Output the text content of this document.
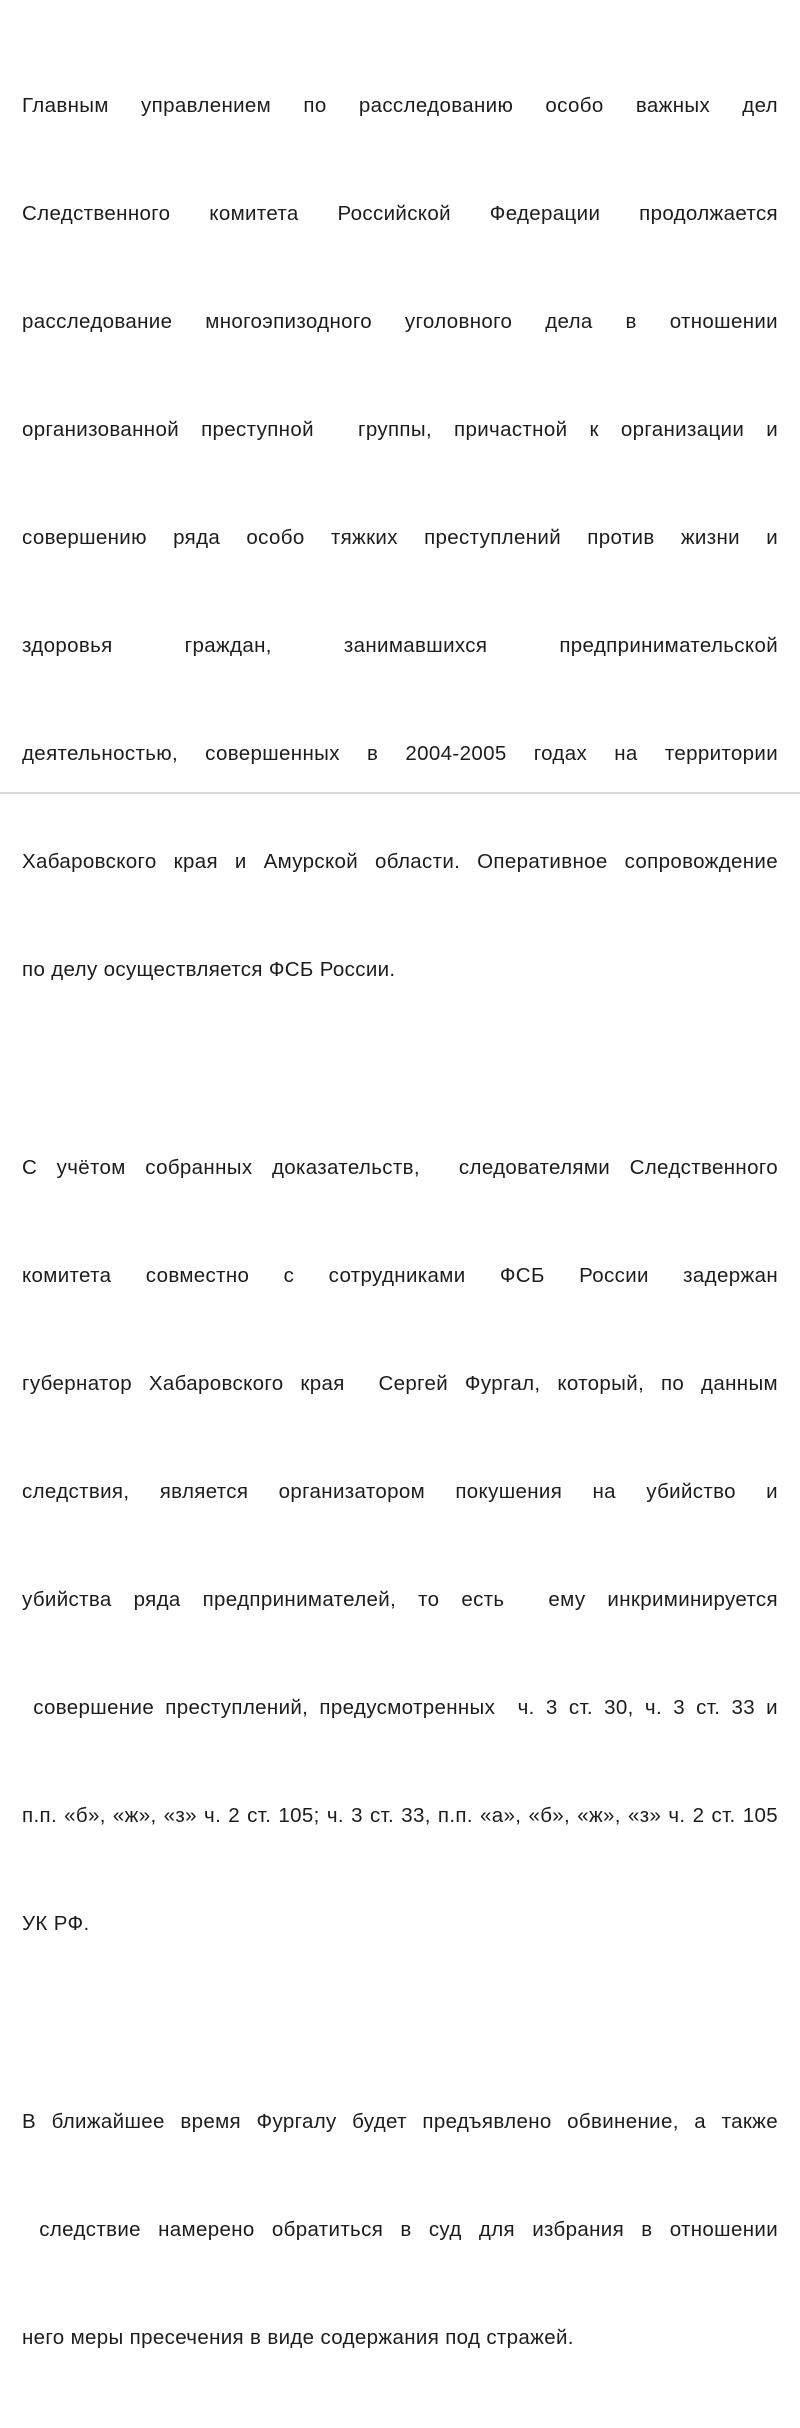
Главным управлением по расследованию особо важных дел

Следственного комитета Российской Федерации продолжается

расследование многоэпизодного уголовного дела в отношении

организованной преступной  группы, причастной к организации и

совершению ряда особо тяжких преступлений против жизни и

здоровья граждан, занимавшихся предпринимательской

деятельностью, совершенных в 2004-2005 годах на территории

Хабаровского края и Амурской области. Оперативное сопровождение

по делу осуществляется ФСБ России.

С учётом собранных доказательств,  следователями Следственного

комитета совместно с сотрудниками ФСБ России задержан

губернатор Хабаровского края  Сергей Фургал, который, по данным

следствия, является организатором покушения на убийство и

убийства ряда предпринимателей, то есть  ему инкриминируется

совершение преступлений, предусмотренных  ч. 3 ст. 30, ч. 3 ст. 33 и

п.п. «б», «ж», «з» ч. 2 ст. 105; ч. 3 ст. 33, п.п. «а», «б», «ж», «з» ч. 2 ст. 105

УК РФ.

В ближайшее время Фургалу будет предъявлено обвинение, а также

следствие намерено обратиться в суд для избрания в отношении

него меры пресечения в виде содержания под стражей.
